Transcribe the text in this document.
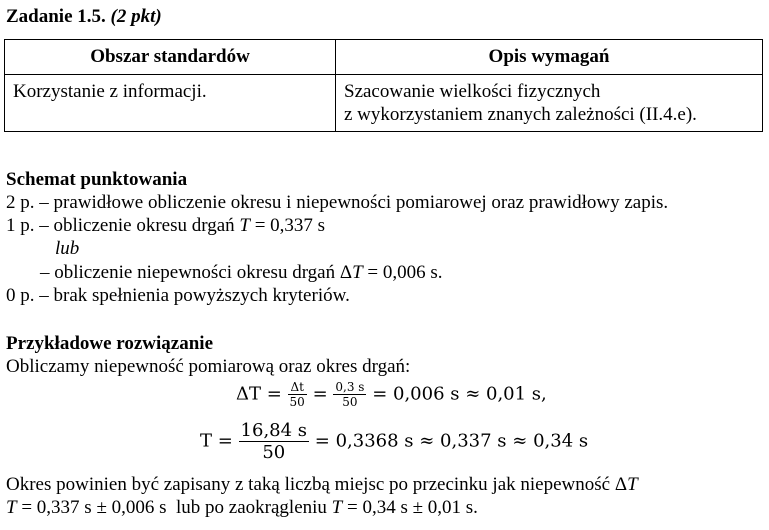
Zadanie 1.5. (2 pkt)
Obszar standardów	Opis wymagań
Korzystanie z informacji.	Szacowanie wielkości fizycznych
z wykorzystaniem znanych zależności (II.4.e).
Schemat punktowania
2 p. – prawidłowe obliczenie okresu i niepewności pomiarowej oraz prawidłowy zapis.
1 p. – obliczenie okresu drgań T = 0,337 s
lub
– obliczenie niepewności okresu drgań ΔT = 0,006 s.
0 p. – brak spełnienia powyższych kryteriów.
Przykładowe rozwiązanie
Obliczamy niepewność pomiarową oraz okres drgań:
$\Delta T = \frac{\Delta t}{50} = \frac{0,3 s}{50} = 0,006$ s ≈ 0,01 s,
$T = \frac{16,84 s}{50} = 0,3368$ s ≈ 0,337 s ≈ 0,34 s
Okres powinien być zapisany z taką liczbą miejsc po przecinku jak niepewność ΔT
T = 0,337 s ± 0,006 s  lub po zaokrągleniu T = 0,34 s ± 0,01 s.
